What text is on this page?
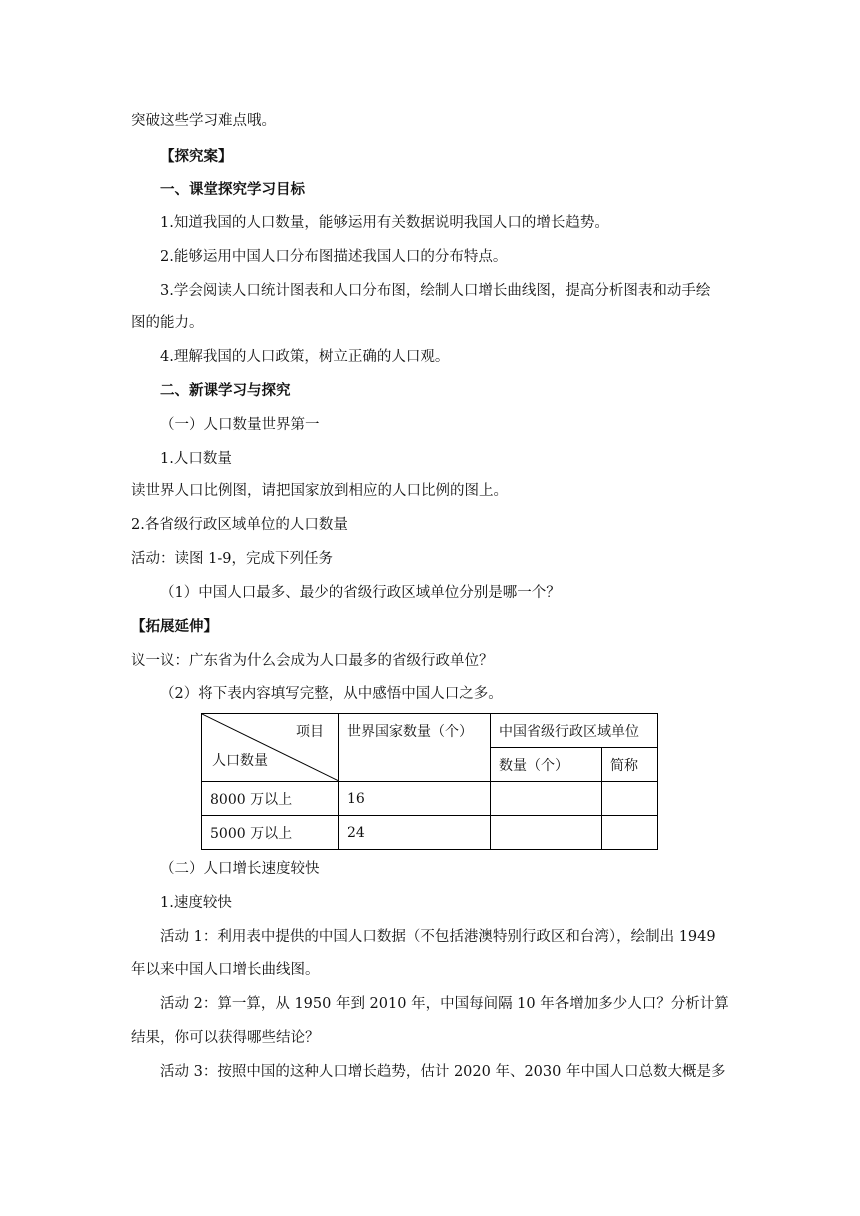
突破这些学习难点哦。
【探究案】
一、课堂探究学习目标
1.知道我国的人口数量，能够运用有关数据说明我国人口的增长趋势。
2.能够运用中国人口分布图描述我国人口的分布特点。
3.学会阅读人口统计图表和人口分布图，绘制人口增长曲线图，提高分析图表和动手绘
图的能力。
4.理解我国的人口政策，树立正确的人口观。
二、新课学习与探究
（一）人口数量世界第一
1.人口数量
读世界人口比例图，请把国家放到相应的人口比例的图上。
2.各省级行政区域单位的人口数量
活动：读图 1-9，完成下列任务
（1）中国人口最多、最少的省级行政区域单位分别是哪一个？
【拓展延伸】
议一议：广东省为什么会成为人口最多的省级行政单位？
（2）将下表内容填写完整，从中感悟中国人口之多。
项目
人口数量	世界国家数量（个）	中国省级行政区域单位	
		数量（个）	简称
8000 万以上	16		
5000 万以上	24		
（二）人口增长速度较快
1.速度较快
活动 1：利用表中提供的中国人口数据（不包括港澳特别行政区和台湾），绘制出 1949
年以来中国人口增长曲线图。
活动 2：算一算，从 1950 年到 2010 年，中国每间隔 10 年各增加多少人口？分析计算
结果，你可以获得哪些结论？
活动 3：按照中国的这种人口增长趋势，估计 2020 年、2030 年中国人口总数大概是多
